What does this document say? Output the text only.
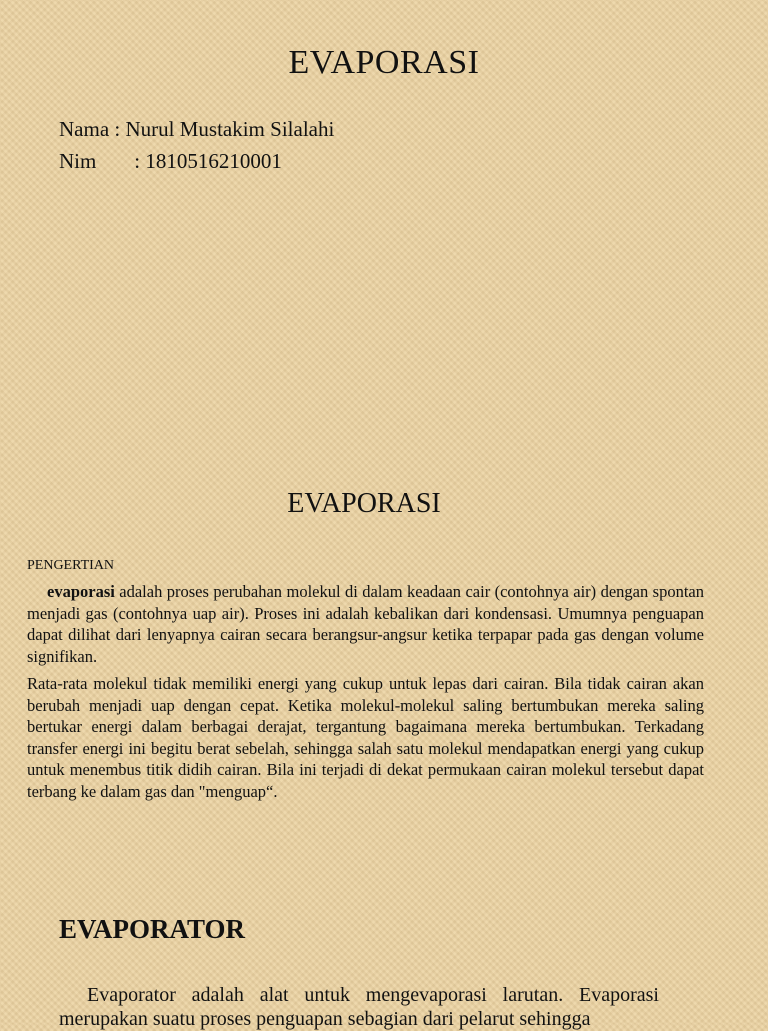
EVAPORASI
Nama : Nurul Mustakim Silalahi
Nim : 1810516210001
EVAPORASI
PENGERTIAN
evaporasi adalah proses perubahan molekul di dalam keadaan cair (contohnya air) dengan spontan menjadi gas (contohnya uap air). Proses ini adalah kebalikan dari kondensasi. Umumnya penguapan dapat dilihat dari lenyapnya cairan secara berangsur-angsur ketika terpapar pada gas dengan volume signifikan.
Rata-rata molekul tidak memiliki energi yang cukup untuk lepas dari cairan. Bila tidak cairan akan berubah menjadi uap dengan cepat. Ketika molekul-molekul saling bertumbukan mereka saling bertukar energi dalam berbagai derajat, tergantung bagaimana mereka bertumbukan. Terkadang transfer energi ini begitu berat sebelah, sehingga salah satu molekul mendapatkan energi yang cukup untuk menembus titik didih cairan. Bila ini terjadi di dekat permukaan cairan molekul tersebut dapat terbang ke dalam gas dan "menguap“.
EVAPORATOR
Evaporator adalah alat untuk mengevaporasi larutan. Evaporasi merupakan suatu proses penguapan sebagian dari pelarut sehingga
